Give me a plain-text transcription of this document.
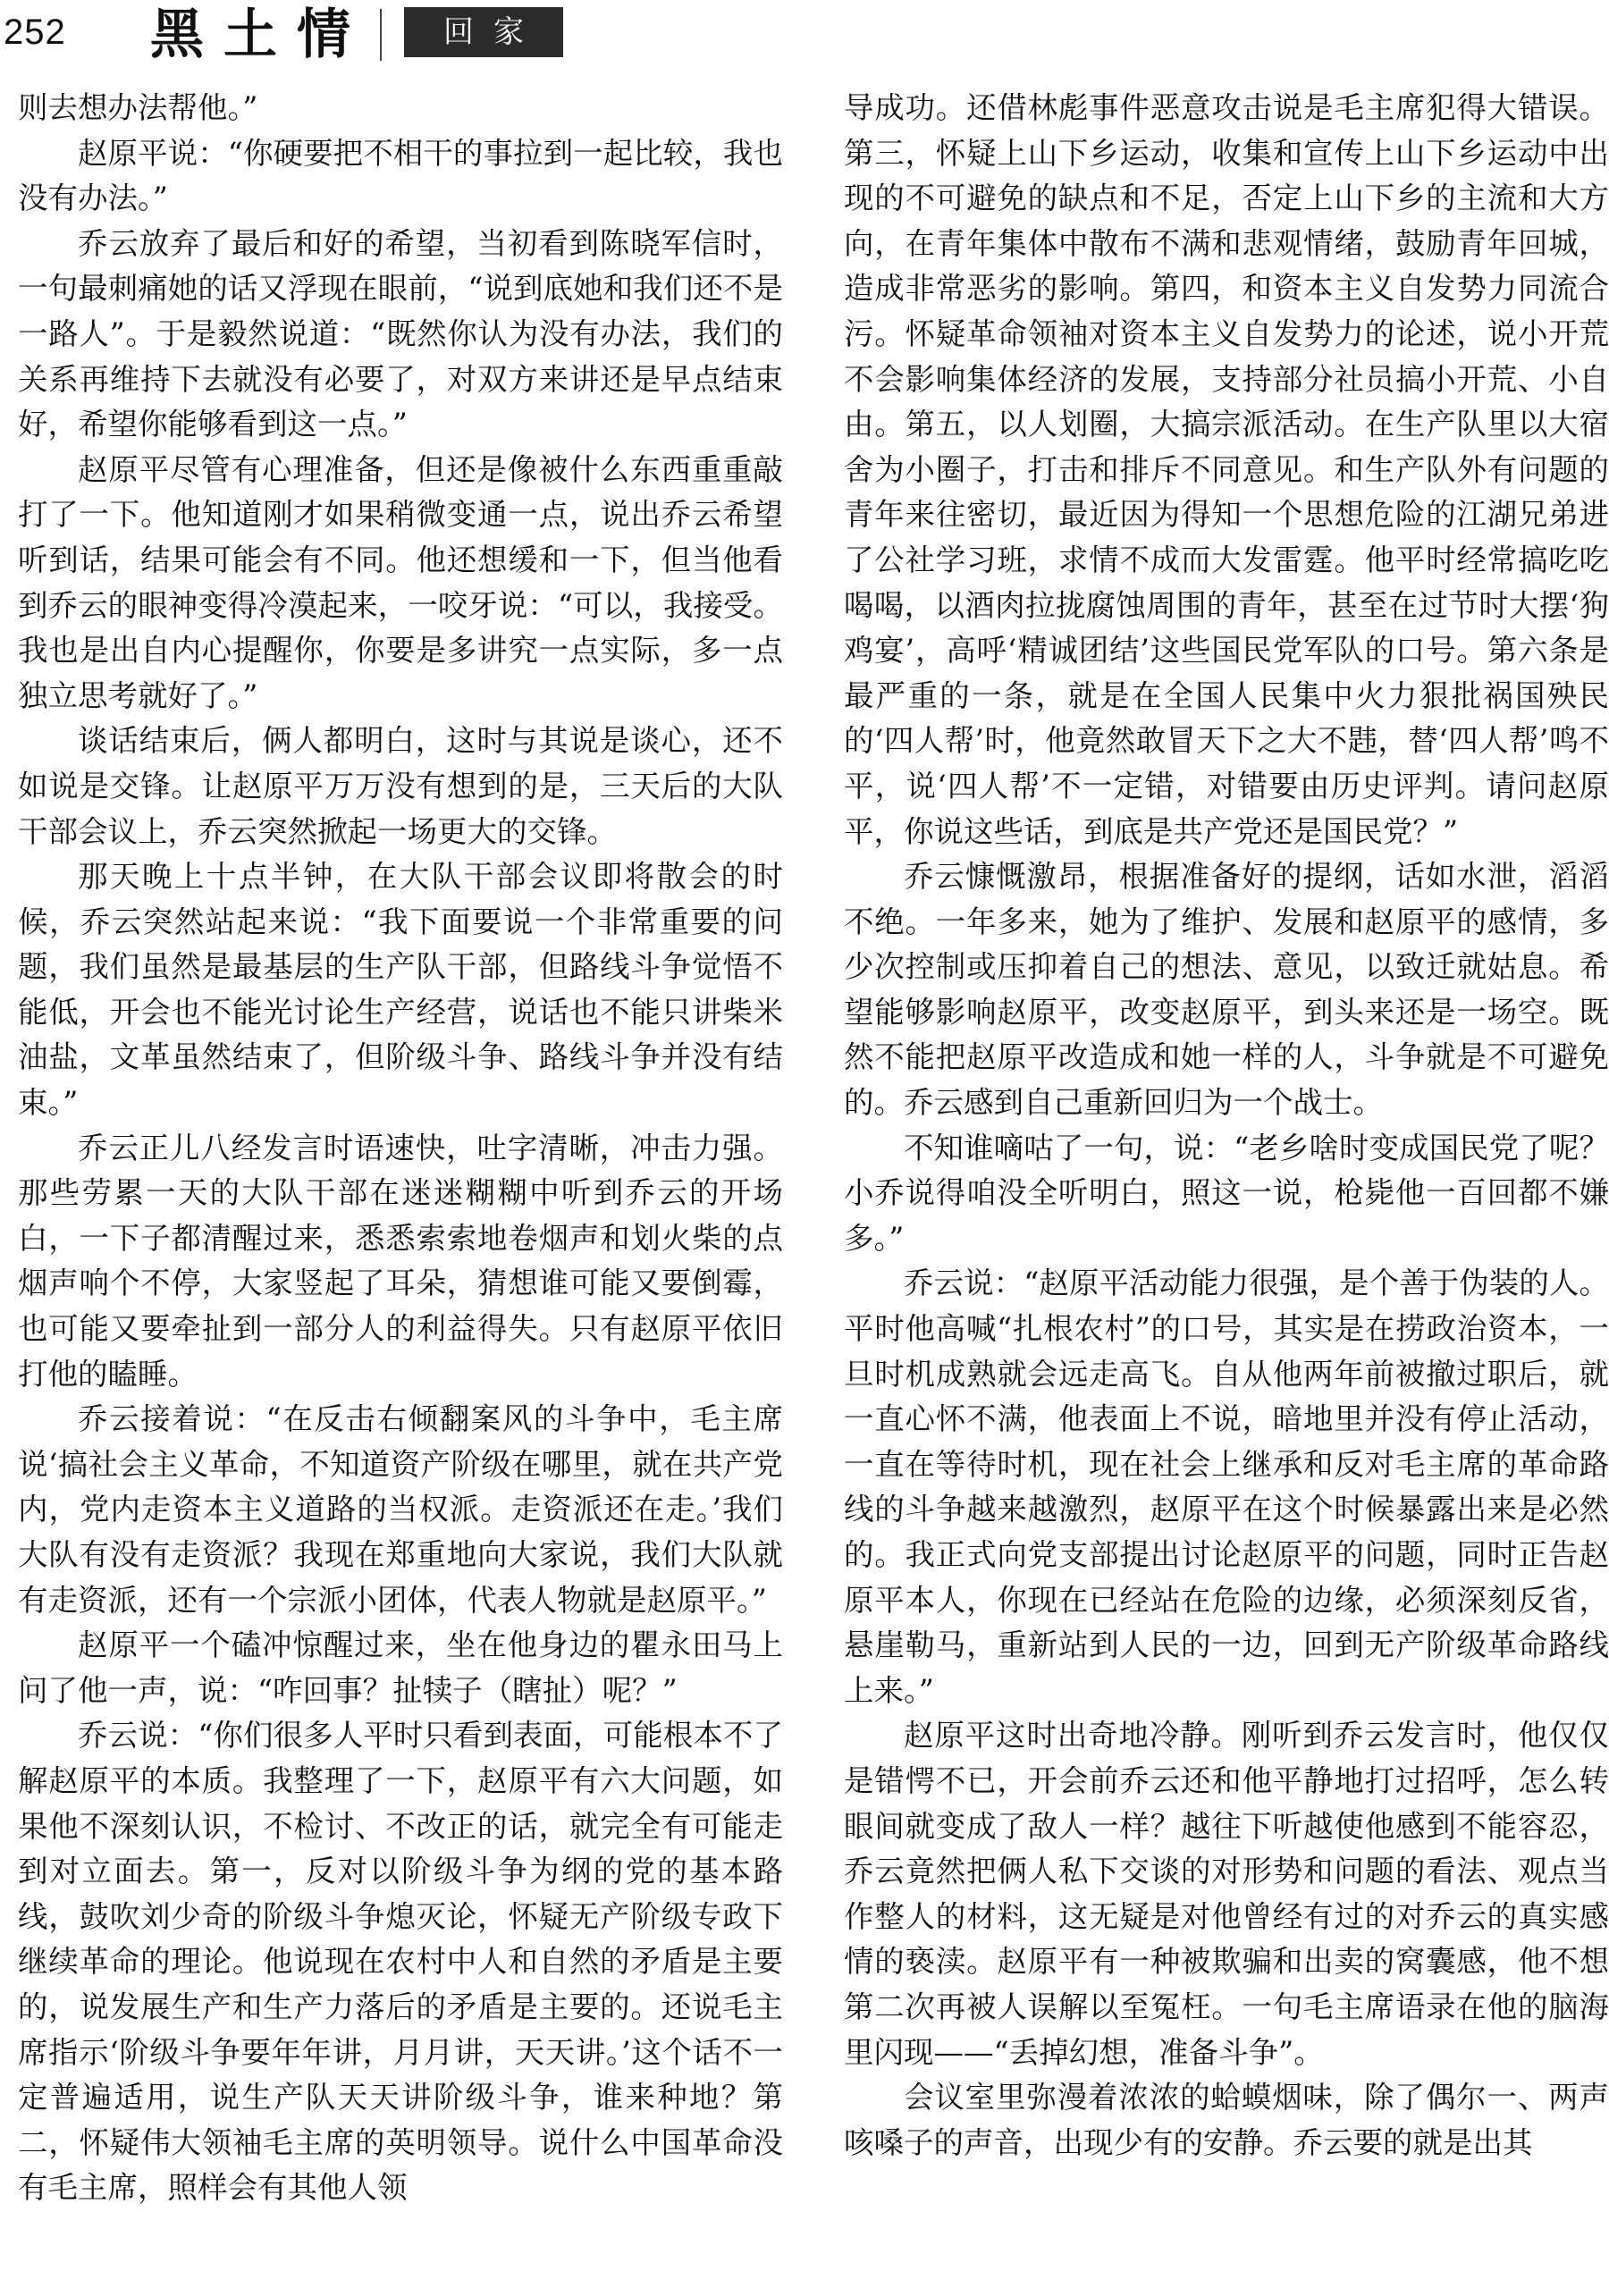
252 黑土情	回家

则去想办法帮他。”

赵原平说：“你硬要把不相干的事拉到一起比较，我也没有办法。”

乔云放弃了最后和好的希望，当初看到陈晓军信时，一句最刺痛她的话又浮现在眼前，“说到底她和我们还不是一路人”。于是毅然说道：“既然你认为没有办法，我们的关系再维持下去就没有必要了，对双方来讲还是早点结束好，希望你能够看到这一点。”

赵原平尽管有心理准备，但还是像被什么东西重重敲打了一下。他知道刚才如果稍微变通一点，说出乔云希望听到话，结果可能会有不同。他还想缓和一下，但当他看到乔云的眼神变得冷漠起来，一咬牙说：“可以，我接受。我也是出自内心提醒你，你要是多讲究一点实际，多一点独立思考就好了。”

谈话结束后，俩人都明白，这时与其说是谈心，还不如说是交锋。让赵原平万万没有想到的是，三天后的大队干部会议上，乔云突然掀起一场更大的交锋。

那天晚上十点半钟，在大队干部会议即将散会的时候，乔云突然站起来说：“我下面要说一个非常重要的问题，我们虽然是最基层的生产队干部，但路线斗争觉悟不能低，开会也不能光讨论生产经营，说话也不能只讲柴米油盐，文革虽然结束了，但阶级斗争、路线斗争并没有结束。”

乔云正儿八经发言时语速快，吐字清晰，冲击力强。那些劳累一天的大队干部在迷迷糊糊中听到乔云的开场白，一下子都清醒过来，悉悉索索地卷烟声和划火柴的点烟声响个不停，大家竖起了耳朵，猜想谁可能又要倒霉，也可能又要牵扯到一部分人的利益得失。只有赵原平依旧打他的瞌睡。

乔云接着说：“在反击右倾翻案风的斗争中，毛主席说‘搞社会主义革命，不知道资产阶级在哪里，就在共产党内，党内走资本主义道路的当权派。走资派还在走。’我们大队有没有走资派？我现在郑重地向大家说，我们大队就有走资派，还有一个宗派小团体，代表人物就是赵原平。”

赵原平一个磕冲惊醒过来，坐在他身边的瞿永田马上问了他一声，说：“咋回事？扯犊子（瞎扯）呢？”

乔云说：“你们很多人平时只看到表面，可能根本不了解赵原平的本质。我整理了一下，赵原平有六大问题，如果他不深刻认识，不检讨、不改正的话，就完全有可能走到对立面去。第一，反对以阶级斗争为纲的党的基本路线，鼓吹刘少奇的阶级斗争熄灭论，怀疑无产阶级专政下继续革命的理论。他说现在农村中人和自然的矛盾是主要的，说发展生产和生产力落后的矛盾是主要的。还说毛主席指示‘阶级斗争要年年讲，月月讲，天天讲。’这个话不一定普遍适用，说生产队天天讲阶级斗争，谁来种地？第二，怀疑伟大领袖毛主席的英明领导。说什么中国革命没有毛主席，照样会有其他人领

导成功。还借林彪事件恶意攻击说是毛主席犯得大错误。第三，怀疑上山下乡运动，收集和宣传上山下乡运动中出现的不可避免的缺点和不足，否定上山下乡的主流和大方向，在青年集体中散布不满和悲观情绪，鼓励青年回城，造成非常恶劣的影响。第四，和资本主义自发势力同流合污。怀疑革命领袖对资本主义自发势力的论述，说小开荒不会影响集体经济的发展，支持部分社员搞小开荒、小自由。第五，以人划圈，大搞宗派活动。在生产队里以大宿舍为小圈子，打击和排斥不同意见。和生产队外有问题的青年来往密切，最近因为得知一个思想危险的江湖兄弟进了公社学习班，求情不成而大发雷霆。他平时经常搞吃吃喝喝，以酒肉拉拢腐蚀周围的青年，甚至在过节时大摆‘狗鸡宴’，高呼‘精诚团结’这些国民党军队的口号。第六条是最严重的一条，就是在全国人民集中火力狠批祸国殃民的‘四人帮’时，他竟然敢冒天下之大不韪，替‘四人帮’鸣不平，说‘四人帮’不一定错，对错要由历史评判。请问赵原平，你说这些话，到底是共产党还是国民党？”

乔云慷慨激昂，根据准备好的提纲，话如水泄，滔滔不绝。一年多来，她为了维护、发展和赵原平的感情，多少次控制或压抑着自己的想法、意见，以致迁就姑息。希望能够影响赵原平，改变赵原平，到头来还是一场空。既然不能把赵原平改造成和她一样的人，斗争就是不可避免的。乔云感到自己重新回归为一个战士。

不知谁嘀咕了一句，说：“老乡啥时变成国民党了呢？小乔说得咱没全听明白，照这一说，枪毙他一百回都不嫌多。”

乔云说：“赵原平活动能力很强，是个善于伪装的人。平时他高喊“扎根农村”的口号，其实是在捞政治资本，一旦时机成熟就会远走高飞。自从他两年前被撤过职后，就一直心怀不满，他表面上不说，暗地里并没有停止活动，一直在等待时机，现在社会上继承和反对毛主席的革命路线的斗争越来越激烈，赵原平在这个时候暴露出来是必然的。我正式向党支部提出讨论赵原平的问题，同时正告赵原平本人，你现在已经站在危险的边缘，必须深刻反省，悬崖勒马，重新站到人民的一边，回到无产阶级革命路线上来。”

赵原平这时出奇地冷静。刚听到乔云发言时，他仅仅是错愕不已，开会前乔云还和他平静地打过招呼，怎么转眼间就变成了敌人一样？越往下听越使他感到不能容忍，乔云竟然把俩人私下交谈的对形势和问题的看法、观点当作整人的材料，这无疑是对他曾经有过的对乔云的真实感情的亵渎。赵原平有一种被欺骗和出卖的窝囊感，他不想第二次再被人误解以至冤枉。一句毛主席语录在他的脑海里闪现——“丢掉幻想，准备斗争”。

会议室里弥漫着浓浓的蛤蟆烟味，除了偶尔一、两声咳嗓子的声音，出现少有的安静。乔云要的就是出其
